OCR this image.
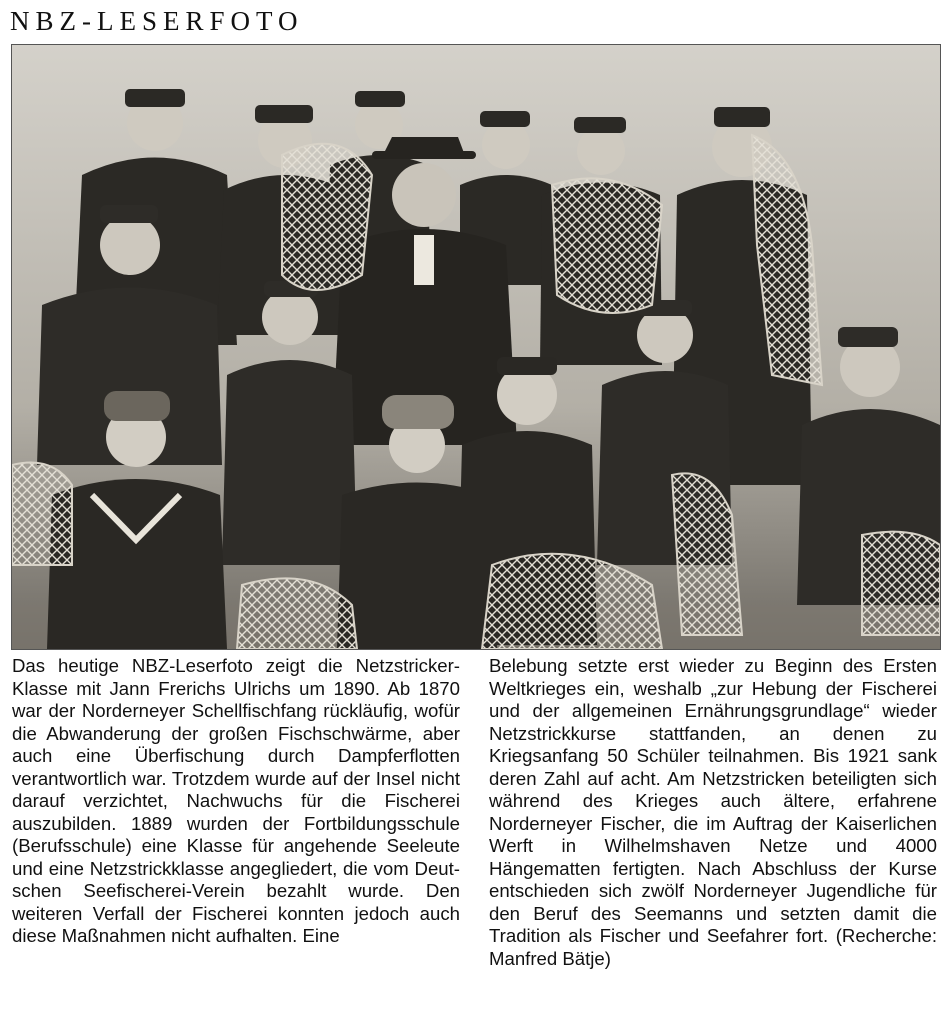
NBZ-LESERFOTO

Das heutige NBZ-Leserfoto zeigt die Netzstricker-Klasse mit Jann Frerichs Ulrichs um 1890. Ab 1870 war der Norderneyer Schellfischfang rückläufig, wofür die Abwanderung der großen Fischschwärme, aber auch eine Überfischung durch Dampferflotten verantwortlich war. Trotzdem wurde auf der Insel nicht darauf verzichtet, Nachwuchs für die Fischerei auszubilden. 1889 wurden der Fortbildungsschule (Berufsschule) eine Klasse für angehende Seeleute und eine Netzstrickklasse angegliedert, die vom Deutschen Seefischerei-Verein bezahlt wurde. Den weiteren Verfall der Fischerei konnten jedoch auch diese Maßnahmen nicht aufhalten. Eine

Belebung setzte erst wieder zu Beginn des Ersten Weltkrieges ein, weshalb „zur Hebung der Fischerei und der allgemeinen Ernährungsgrundlage“ wieder Netzstrickkurse stattfanden, an denen zu Kriegsanfang 50 Schüler teilnahmen. Bis 1921 sank deren Zahl auf acht. Am Netzstricken beteiligten sich während des Krieges auch ältere, erfahrene Norderneyer Fischer, die im Auftrag der Kaiserlichen Werft in Wilhelmshaven Netze und 4000 Hängematten fertigten. Nach Abschluss der Kurse entschieden sich zwölf Norderneyer Jugendliche für den Beruf des Seemanns und setzten damit die Tradition als Fischer und Seefahrer fort. (Recherche: Manfred Bätje)
